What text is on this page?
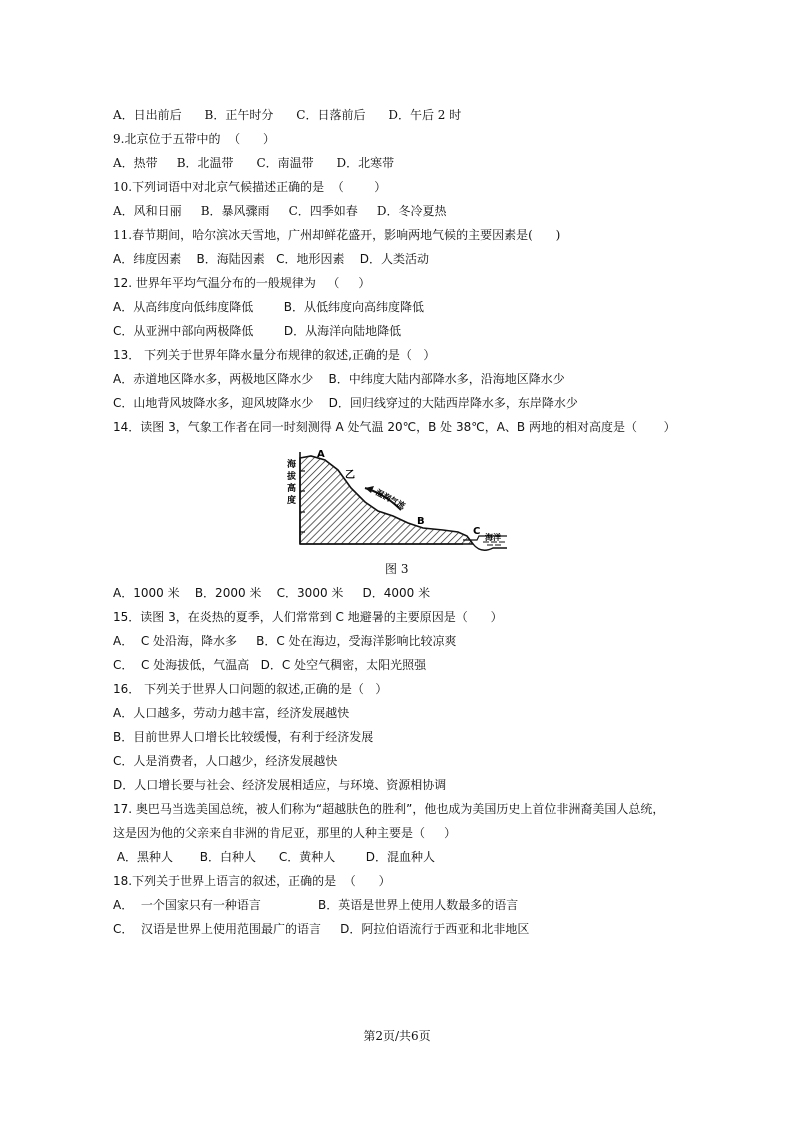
A．日出前后      B．正午时分      C．日落前后      D．午后 2 时
9.北京位于五带中的  （      ）
A．热带     B．北温带      C．南温带      D．北寒带
10.下列词语中对北京气候描述正确的是  （        ）
A．风和日丽     B．暴风骤雨     C．四季如春     D．冬冷夏热
11.春节期间，哈尔滨冰天雪地，广州却鲜花盛开，影响两地气候的主要因素是(      )
A．纬度因素    B．海陆因素   C．地形因素    D．人类活动
12. 世界年平均气温分布的一般规律为   （     ）
A．从高纬度向低纬度降低        B．从低纬度向高纬度降低
C．从亚洲中部向两极降低        D．从海洋向陆地降低
13． 下列关于世界年降水量分布规律的叙述,正确的是（   ）
A．赤道地区降水多，两极地区降水少    B．中纬度大陆内部降水多，沿海地区降水少
C．山地背风坡降水多，迎风坡降水少    D．回归线穿过的大陆西岸降水多，东岸降水少
14．读图 3，气象工作者在同一时刻测得 A 处气温 20℃，B 处 38℃，A、B 两地的相对高度是（       ）
海
拔
高
度
A
乙
湿润气流
B
C
海洋
图 3
A．1000 米    B．2000 米    C．3000 米     D．4000 米
15．读图 3，在炎热的夏季，人们常常到 C 地避暑的主要原因是（      ）
A．  C 处沿海，降水多     B．C 处在海边，受海洋影响比较凉爽
C．  C 处海拔低，气温高   D．C 处空气稠密，太阳光照强
16． 下列关于世界人口问题的叙述,正确的是（   ）
A．人口越多，劳动力越丰富，经济发展越快
B．目前世界人口增长比较缓慢，有利于经济发展
C．人是消费者，人口越少，经济发展越快
D．人口增长要与社会、经济发展相适应，与环境、资源相协调
17. 奥巴马当选美国总统，被人们称为“超越肤色的胜利”，他也成为美国历史上首位非洲裔美国人总统，
这是因为他的父亲来自非洲的肯尼亚，那里的人种主要是（     ）
A．黑种人       B．白种人      C．黄种人        D．混血种人
18.下列关于世界上语言的叙述，正确的是  （      ）
A．  一个国家只有一种语言               B．英语是世界上使用人数最多的语言
C．  汉语是世界上使用范围最广的语言     D．阿拉伯语流行于西亚和北非地区
第2页/共6页
